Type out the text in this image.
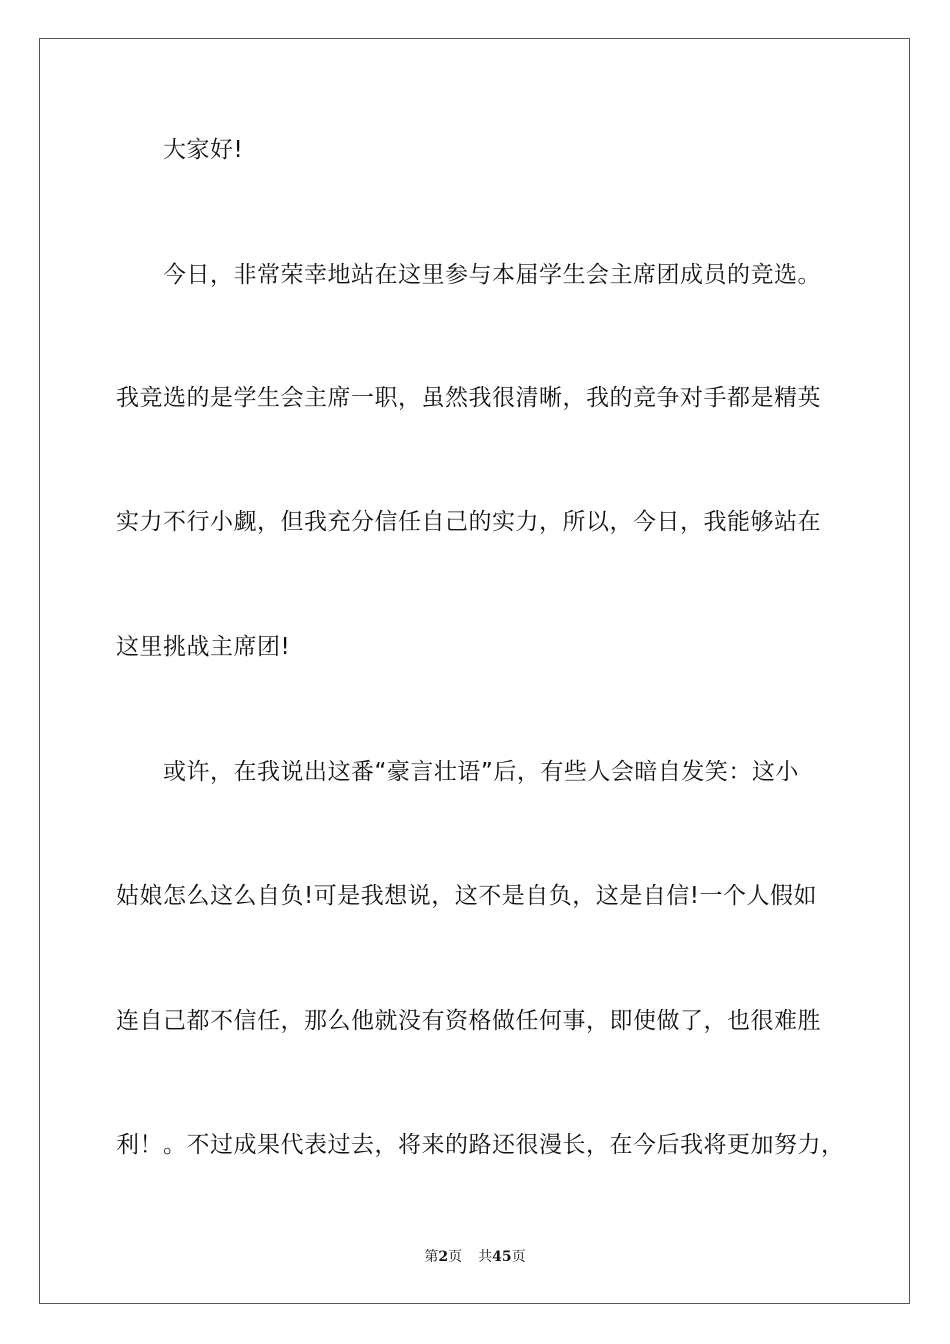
大家好!
今日，非常荣幸地站在这里参与本届学生会主席团成员的竞选。
我竞选的是学生会主席一职，虽然我很清晰，我的竞争对手都是精英
实力不行小觑，但我充分信任自己的实力，所以，今日，我能够站在
这里挑战主席团!
或许，在我说出这番“豪言壮语”后，有些人会暗自发笑：这小
姑娘怎么这么自负!可是我想说，这不是自负，这是自信!一个人假如
连自己都不信任，那么他就没有资格做任何事，即使做了，也很难胜
利！。不过成果代表过去，将来的路还很漫长，在今后我将更加努力，
第2页 共45页
